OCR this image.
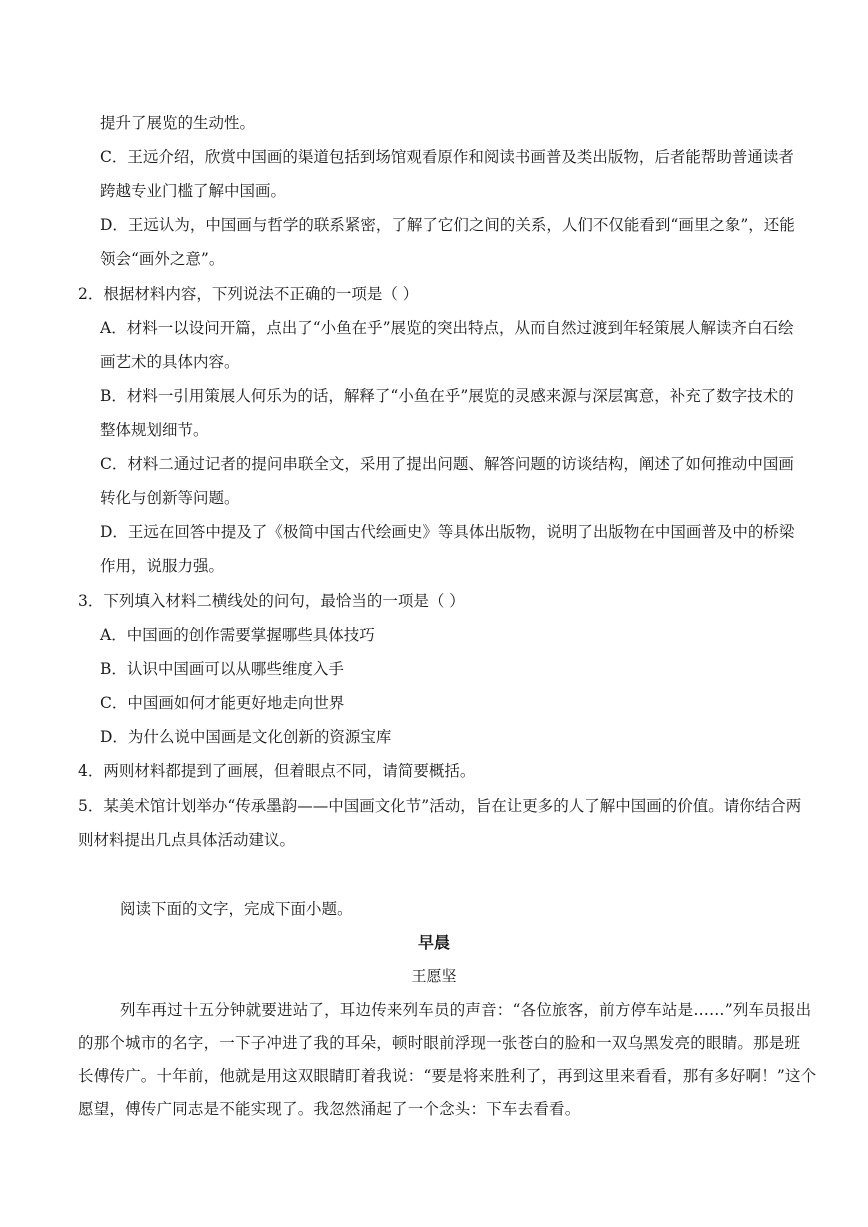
提升了展览的生动性。
C．王远介绍，欣赏中国画的渠道包括到场馆观看原作和阅读书画普及类出版物，后者能帮助普通读者
跨越专业门槛了解中国画。
D．王远认为，中国画与哲学的联系紧密，了解了它们之间的关系，人们不仅能看到“画里之象”，还能
领会“画外之意”。
2．根据材料内容，下列说法不正确的一项是（ ）
A．材料一以设问开篇，点出了“小鱼在乎”展览的突出特点，从而自然过渡到年轻策展人解读齐白石绘
画艺术的具体内容。
B．材料一引用策展人何乐为的话，解释了“小鱼在乎”展览的灵感来源与深层寓意，补充了数字技术的
整体规划细节。
C．材料二通过记者的提问串联全文，采用了提出问题、解答问题的访谈结构，阐述了如何推动中国画
转化与创新等问题。
D．王远在回答中提及了《极简中国古代绘画史》等具体出版物，说明了出版物在中国画普及中的桥梁
作用，说服力强。
3．下列填入材料二横线处的问句，最恰当的一项是（ ）
A．中国画的创作需要掌握哪些具体技巧
B．认识中国画可以从哪些维度入手
C．中国画如何才能更好地走向世界
D．为什么说中国画是文化创新的资源宝库
4．两则材料都提到了画展，但着眼点不同，请简要概括。
5．某美术馆计划举办“传承墨韵——中国画文化节”活动，旨在让更多的人了解中国画的价值。请你结合两
则材料提出几点具体活动建议。
阅读下面的文字，完成下面小题。
早晨
王愿坚
列车再过十五分钟就要进站了，耳边传来列车员的声音：“各位旅客，前方停车站是……”列车员报出
的那个城市的名字，一下子冲进了我的耳朵，顿时眼前浮现一张苍白的脸和一双乌黑发亮的眼睛。那是班
长傅传广。十年前，他就是用这双眼睛盯着我说：“要是将来胜利了，再到这里来看看，那有多好啊！”这个
愿望，傅传广同志是不能实现了。我忽然涌起了一个念头：下车去看看。
